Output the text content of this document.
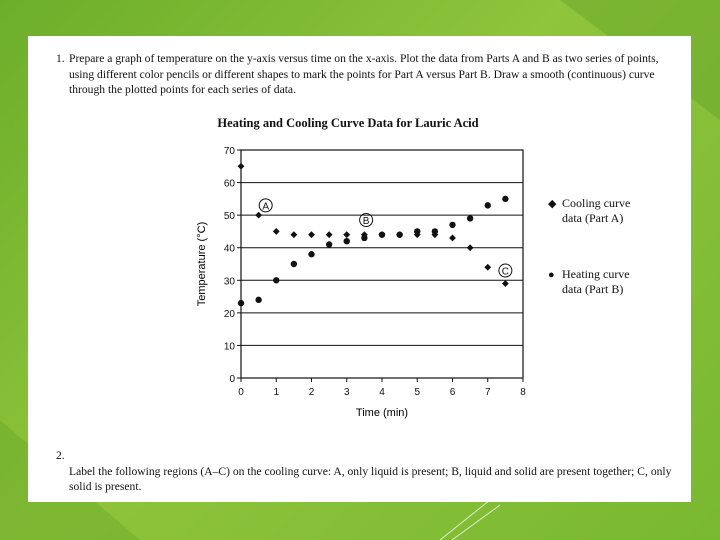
1. Prepare a graph of temperature on the y-axis versus time on the x-axis. Plot the data from Parts A and B as two series of points, using different color pencils or different shapes to mark the points for Part A versus Part B. Draw a smooth (continuous) curve through the plotted points for each series of data.
Heating and Cooling Curve Data for Lauric Acid
0
10
20
30
40
50
60
70
0	1	2	3	4	5	6	7	8
A
B
C
Time (min)
Temperature (°C)
◆ Cooling curve data (Part A)
● Heating curve data (Part B)
2.
Label the following regions (A–C) on the cooling curve: A, only liquid is present; B, liquid and solid are present together; C, only solid is present.
